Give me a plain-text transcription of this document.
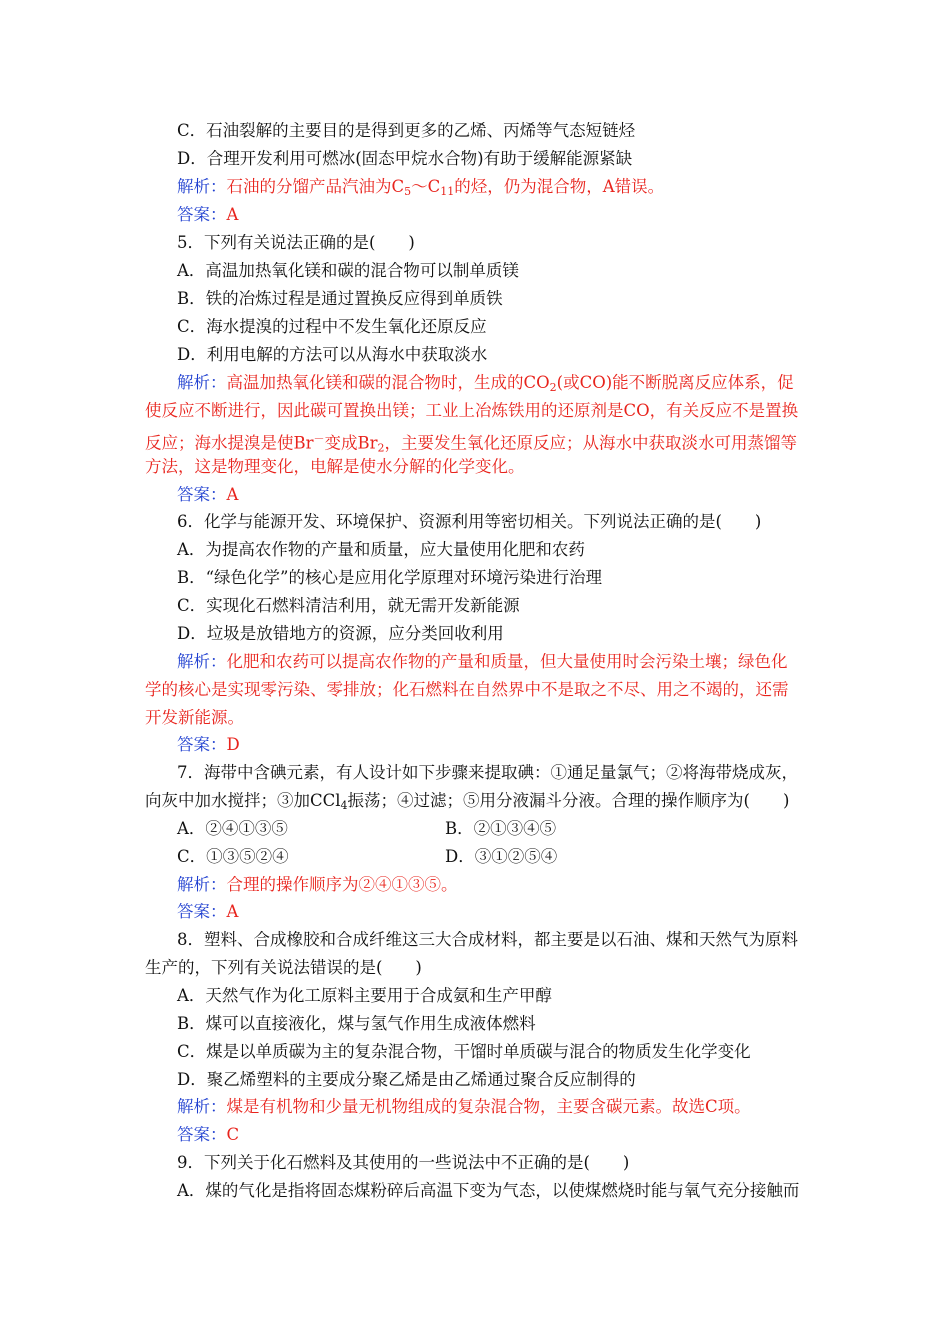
C．石油裂解的主要目的是得到更多的乙烯、丙烯等气态短链烃
D．合理开发利用可燃冰(固态甲烷水合物)有助于缓解能源紧缺
解析：石油的分馏产品汽油为$C_5\sim C_{11}$的烃，仍为混合物，A错误。
答案：A
5．下列有关说法正确的是(　　)
A．高温加热氧化镁和碳的混合物可以制单质镁
B．铁的冶炼过程是通过置换反应得到单质铁
C．海水提溴的过程中不发生氧化还原反应
D．利用电解的方法可以从海水中获取淡水
解析：高温加热氧化镁和碳的混合物时，生成的$CO_2$(或CO)能不断脱离反应体系，促
使反应不断进行，因此碳可置换出镁；工业上冶炼铁用的还原剂是CO，有关反应不是置换
反应；海水提溴是使Br－变成$Br_2$，主要发生氧化还原反应；从海水中获取淡水可用蒸馏等
方法，这是物理变化，电解是使水分解的化学变化。
答案：A
6．化学与能源开发、环境保护、资源利用等密切相关。下列说法正确的是(　　)
A．为提高农作物的产量和质量，应大量使用化肥和农药
B．“绿色化学”的核心是应用化学原理对环境污染进行治理
C．实现化石燃料清洁利用，就无需开发新能源
D．垃圾是放错地方的资源，应分类回收利用
解析：化肥和农药可以提高农作物的产量和质量，但大量使用时会污染土壤；绿色化
学的核心是实现零污染、零排放；化石燃料在自然界中不是取之不尽、用之不竭的，还需
开发新能源。
答案：D
7．海带中含碘元素，有人设计如下步骤来提取碘：①通足量氯气；②将海带烧成灰，
向灰中加水搅拌；③加CCl$_4$振荡；④过滤；⑤用分液漏斗分液。合理的操作顺序为(　　)
A．②④①③⑤	B．②①③④⑤
C．①③⑤②④	D．③①②⑤④
解析：合理的操作顺序为②④①③⑤。
答案：A
8．塑料、合成橡胶和合成纤维这三大合成材料，都主要是以石油、煤和天然气为原料
生产的，下列有关说法错误的是(　　)
A．天然气作为化工原料主要用于合成氨和生产甲醇
B．煤可以直接液化，煤与氢气作用生成液体燃料
C．煤是以单质碳为主的复杂混合物，干馏时单质碳与混合的物质发生化学变化
D．聚乙烯塑料的主要成分聚乙烯是由乙烯通过聚合反应制得的
解析：煤是有机物和少量无机物组成的复杂混合物，主要含碳元素。故选C项。
答案：C
9．下列关于化石燃料及其使用的一些说法中不正确的是(　　)
A．煤的气化是指将固态煤粉碎后高温下变为气态，以使煤燃烧时能与氧气充分接触而
